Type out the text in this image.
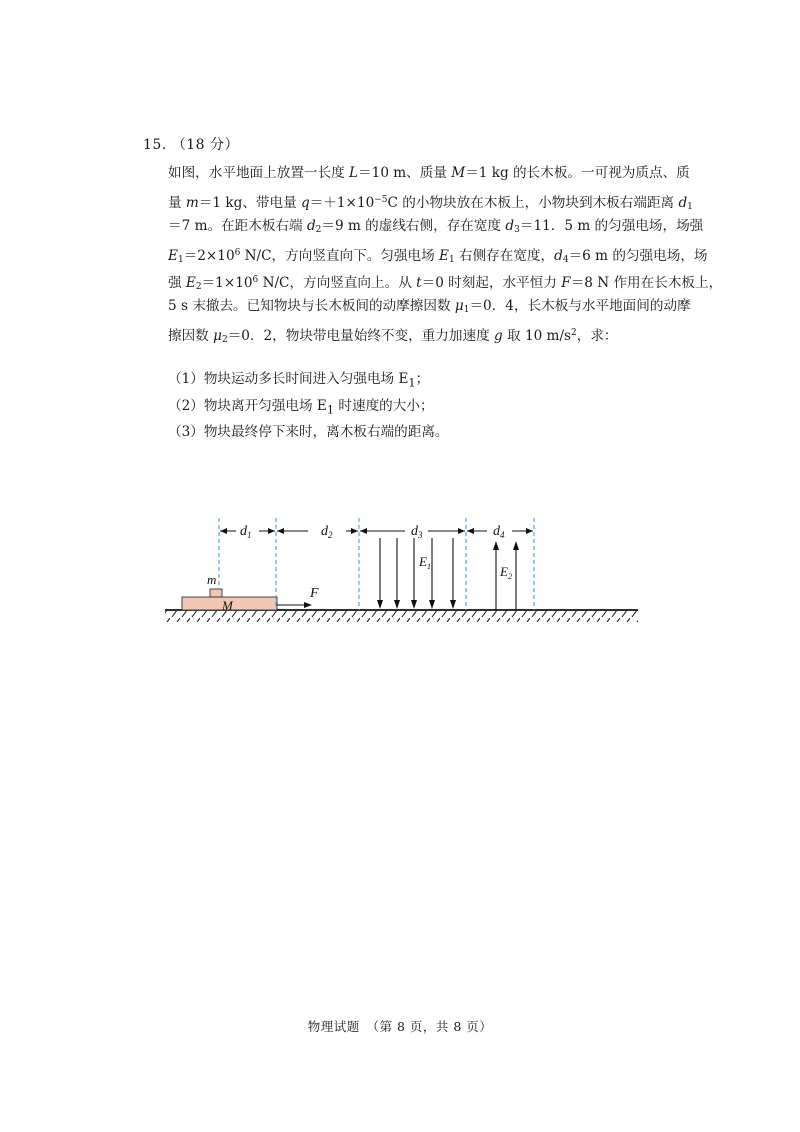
15. （18 分）
如图，水平地面上放置一长度 L＝10 m、质量 M＝1 kg 的长木板。一可视为质点、质
量 m＝1 kg、带电量 $q=+1\times 10^{-5}C$ 的小物块放在木板上，小物块到木板右端距离 $d_1$
＝7 m。在距木板右端 $d_2=9$ m 的虚线右侧，存在宽度 $d_3=11$．5 m 的匀强电场，场强
$E_1=2\times 10^6$ N/C，方向竖直向下。匀强电场 $E_1$ 右侧存在宽度，$d_4=6$ m 的匀强电场，场
强 $E_2=1\times 10^6$ N/C，方向竖直向上。从 t＝0 时刻起，水平恒力 F＝8 N 作用在长木板上，
5 s 末撤去。已知物块与长木板间的动摩擦因数 $\mu_1=0$．4，长木板与水平地面间的动摩
擦因数 $\mu_2=0$．2，物块带电量始终不变，重力加速度 g 取 10 $m/s^2$，求：
（1）物块运动多长时间进入匀强电场 $E_1$；
（2）物块离开匀强电场 $E_1$ 时速度的大小；
（3）物块最终停下来时，离木板右端的距离。
$d_1$	$d_2$	$d_3$	$d_4$
$E_1$	$E_2$
m
M
F
物理试题　（第 8 页，共 8 页）
